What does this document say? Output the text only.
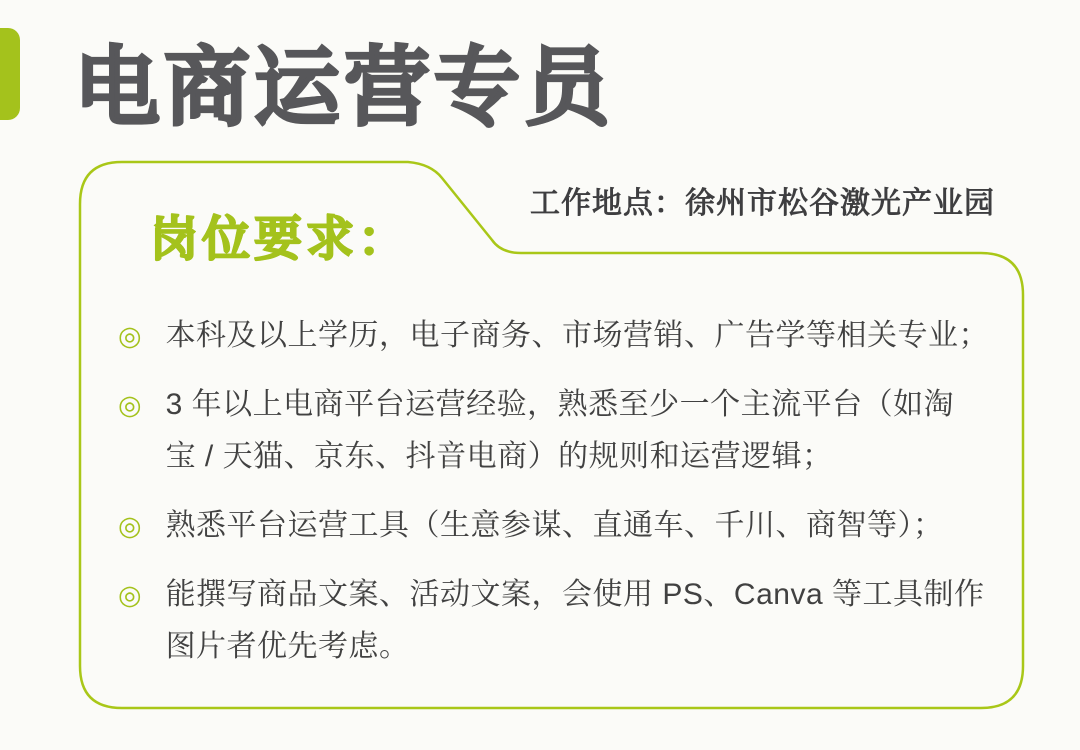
电商运营专员
工作地点：徐州市松谷激光产业园
岗位要求：
◎ 本科及以上学历，电子商务、市场营销、广告学等相关专业；
◎ 3 年以上电商平台运营经验，熟悉至少一个主流平台（如淘
宝 / 天猫、京东、抖音电商）的规则和运营逻辑；
◎ 熟悉平台运营工具（生意参谋、直通车、千川、商智等）；
◎ 能撰写商品文案、活动文案，会使用 PS、Canva 等工具制作
图片者优先考虑。
